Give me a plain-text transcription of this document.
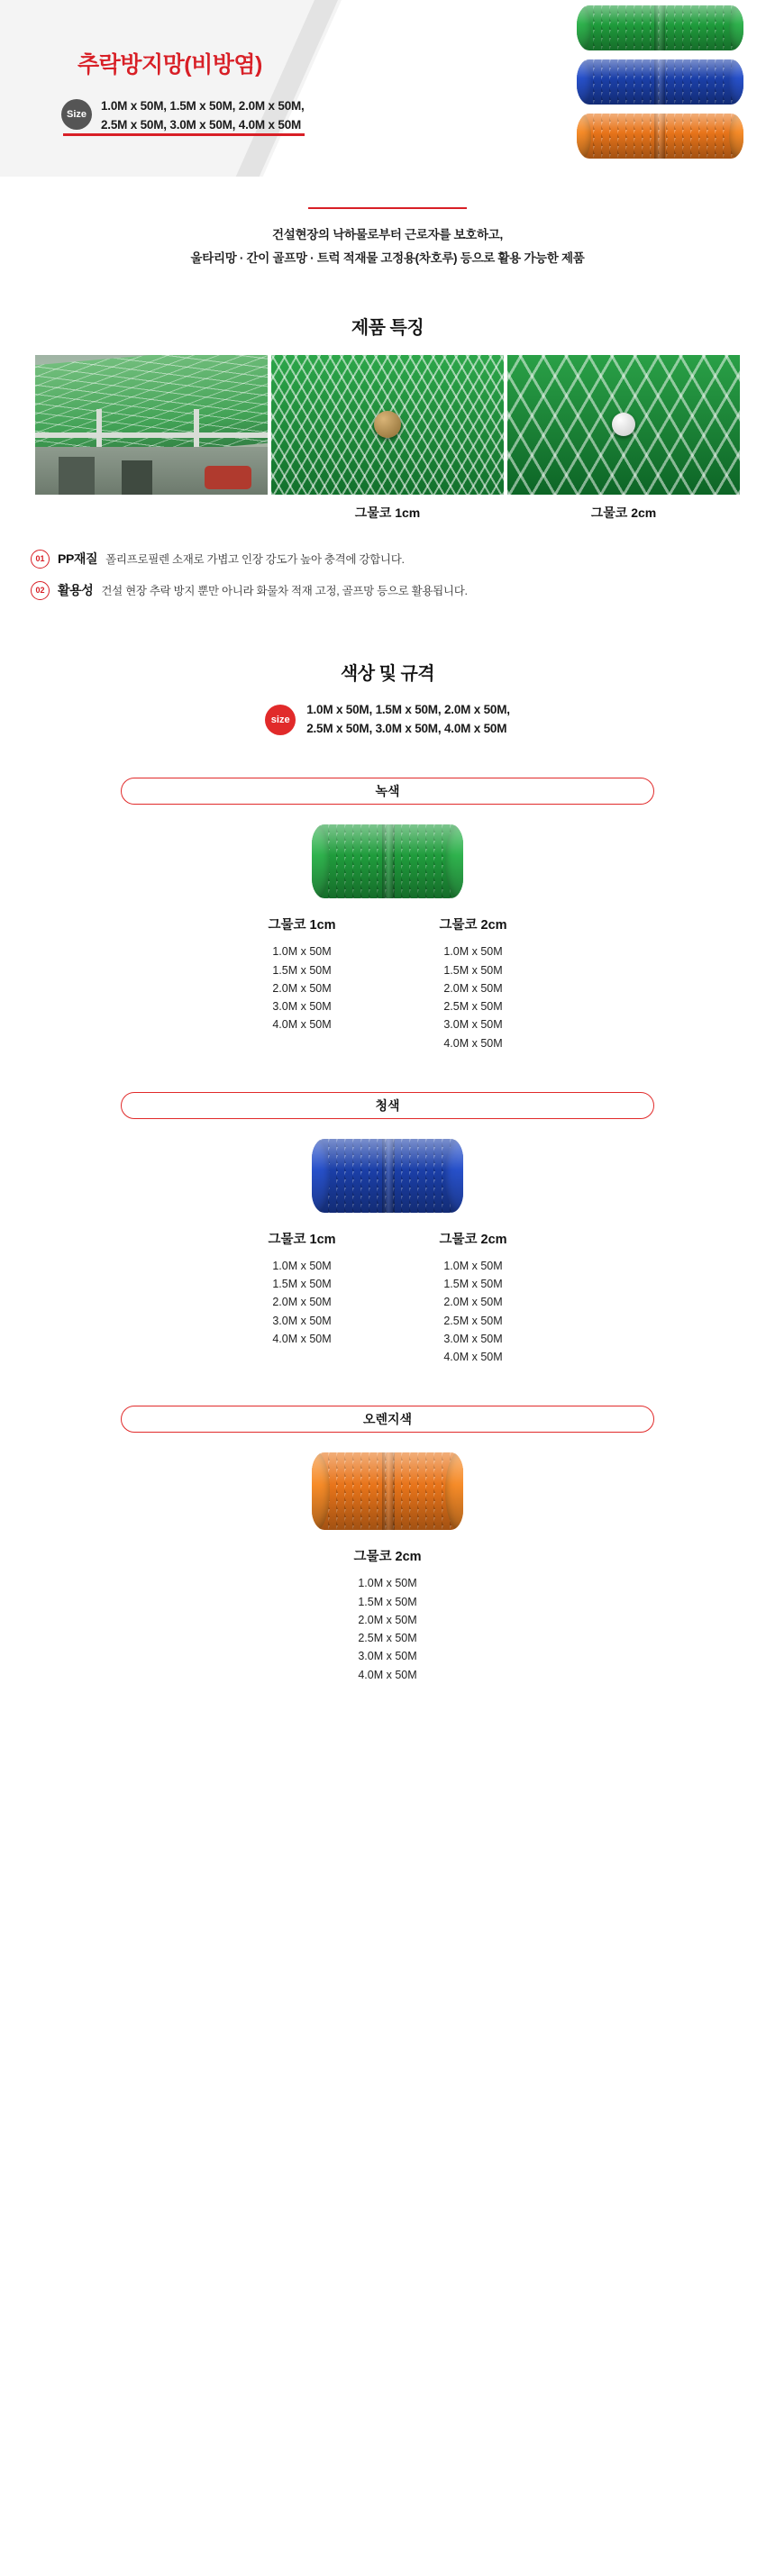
추락방지망(비방염)
Size
1.0M x 50M, 1.5M x 50M, 2.0M x 50M,
2.5M x 50M, 3.0M x 50M, 4.0M x 50M

건설현장의 낙하물로부터 근로자를 보호하고,
울타리망 · 간이 골프망 · 트럭 적재물 고정용(차호루) 등으로 활용 가능한 제품

제품 특징
그물코 1cm	그물코 2cm
01	PP재질 폴리프로필렌 소재로 가볍고 인장 강도가 높아 충격에 강합니다.
02	활용성 건설 현장 추락 방지 뿐만 아니라 화물차 적재 고정, 골프망 등으로 활용됩니다.
색상 및 규격
size
1.0M x 50M, 1.5M x 50M, 2.0M x 50M,
2.5M x 50M, 3.0M x 50M, 4.0M x 50M
녹색
그물코 1cm
1.0M x 50M
1.5M x 50M
2.0M x 50M
3.0M x 50M
4.0M x 50M
그물코 2cm
1.0M x 50M
1.5M x 50M
2.0M x 50M
2.5M x 50M
3.0M x 50M
4.0M x 50M
청색
그물코 1cm
1.0M x 50M
1.5M x 50M
2.0M x 50M
3.0M x 50M
4.0M x 50M
그물코 2cm
1.0M x 50M
1.5M x 50M
2.0M x 50M
2.5M x 50M
3.0M x 50M
4.0M x 50M
오렌지색
그물코 2cm
1.0M x 50M
1.5M x 50M
2.0M x 50M
2.5M x 50M
3.0M x 50M
4.0M x 50M
